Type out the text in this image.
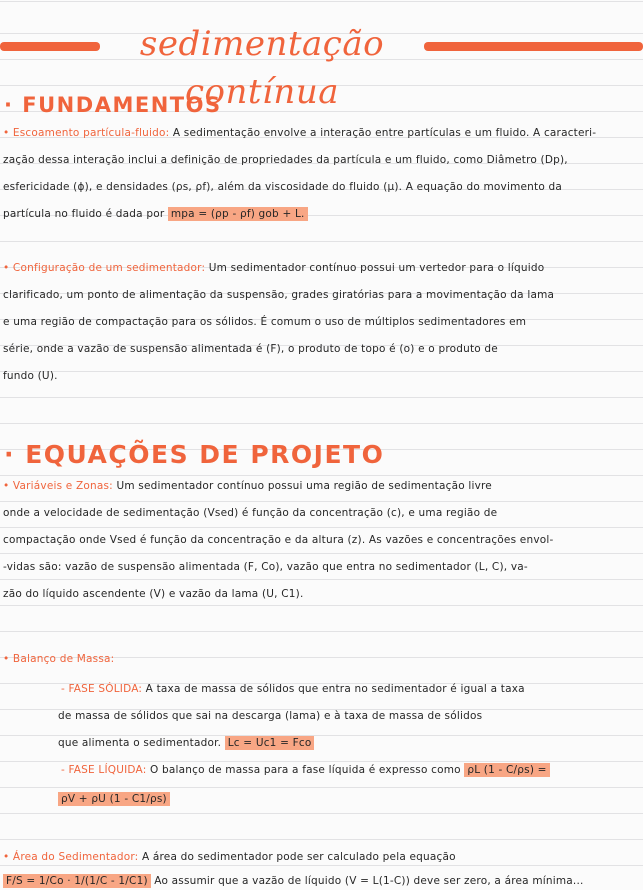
sedimentação contínua
· FUNDAMENTOS
• Escoamento partícula-fluido: A sedimentação envolve a interação entre partículas e um fluido. A caracteri-
zação dessa interação inclui a definição de propriedades da partícula e um fluido, como Diâmetro (Dp),
esfericidade (ϕ), e densidades (ρs, ρf), além da viscosidade do fluido (μ). A equação do movimento da
partícula no fluido é dada por mpa = (ρp - ρf) gob + L.
• Configuração de um sedimentador: Um sedimentador contínuo possui um vertedor para o líquido
clarificado, um ponto de alimentação da suspensão, grades giratórias para a movimentação da lama
e uma região de compactação para os sólidos. É comum o uso de múltiplos sedimentadores em
série, onde a vazão de suspensão alimentada é (F), o produto de topo é (o) e o produto de
fundo (U).
· EQUAÇÕES DE PROJETO
• Variáveis e Zonas: Um sedimentador contínuo possui uma região de sedimentação livre
onde a velocidade de sedimentação (Vsed) é função da concentração (c), e uma região de
compactação onde Vsed é função da concentração e da altura (z). As vazões e concentrações envol-
-vidas são: vazão de suspensão alimentada (F, Co), vazão que entra no sedimentador (L, C), va-
zão do líquido ascendente (V) e vazão da lama (U, C1).
• Balanço de Massa:
- FASE SÓLIDA: A taxa de massa de sólidos que entra no sedimentador é igual a taxa
de massa de sólidos que sai na descarga (lama) e à taxa de massa de sólidos
que alimenta o sedimentador. Lc = Uc1 = Fco
- FASE LÍQUIDA: O balanço de massa para a fase líquida é expresso como ρL (1 - C/ρs) =
ρV + ρU (1 - C1/ρs)
• Área do Sedimentador: A área do sedimentador pode ser calculado pela equação
F/S = 1/Co · 1/(1/C - 1/C1) Ao assumir que a vazão de líquido (V = L(1-C)) deve ser zero, a área mínima...
